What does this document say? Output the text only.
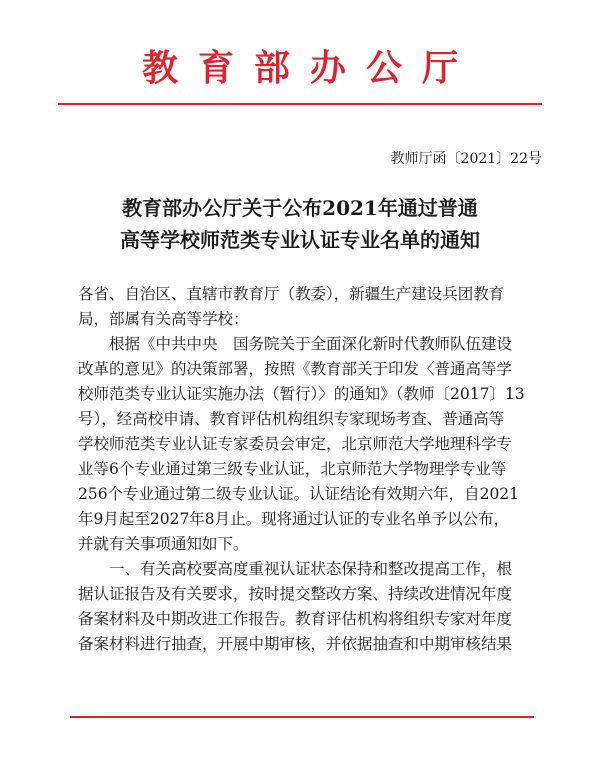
教育部办公厅
教师厅函〔2021〕22号
教育部办公厅关于公布2021年通过普通
高等学校师范类专业认证专业名单的通知
各省、自治区、直辖市教育厅（教委），新疆生产建设兵团教育
局，部属有关高等学校：
根据《中共中央　国务院关于全面深化新时代教师队伍建设
改革的意见》的决策部署，按照《教育部关于印发〈普通高等学
校师范类专业认证实施办法（暂行）〉的通知》（教师〔2017〕13
号），经高校申请、教育评估机构组织专家现场考查、普通高等
学校师范类专业认证专家委员会审定，北京师范大学地理科学专
业等6个专业通过第三级专业认证，北京师范大学物理学专业等
256个专业通过第二级专业认证。认证结论有效期六年，自2021
年9月起至2027年8月止。现将通过认证的专业名单予以公布，
并就有关事项通知如下。
一、有关高校要高度重视认证状态保持和整改提高工作，根
据认证报告及有关要求，按时提交整改方案、持续改进情况年度
备案材料及中期改进工作报告。教育评估机构将组织专家对年度
备案材料进行抽查，开展中期审核，并依据抽查和中期审核结果
